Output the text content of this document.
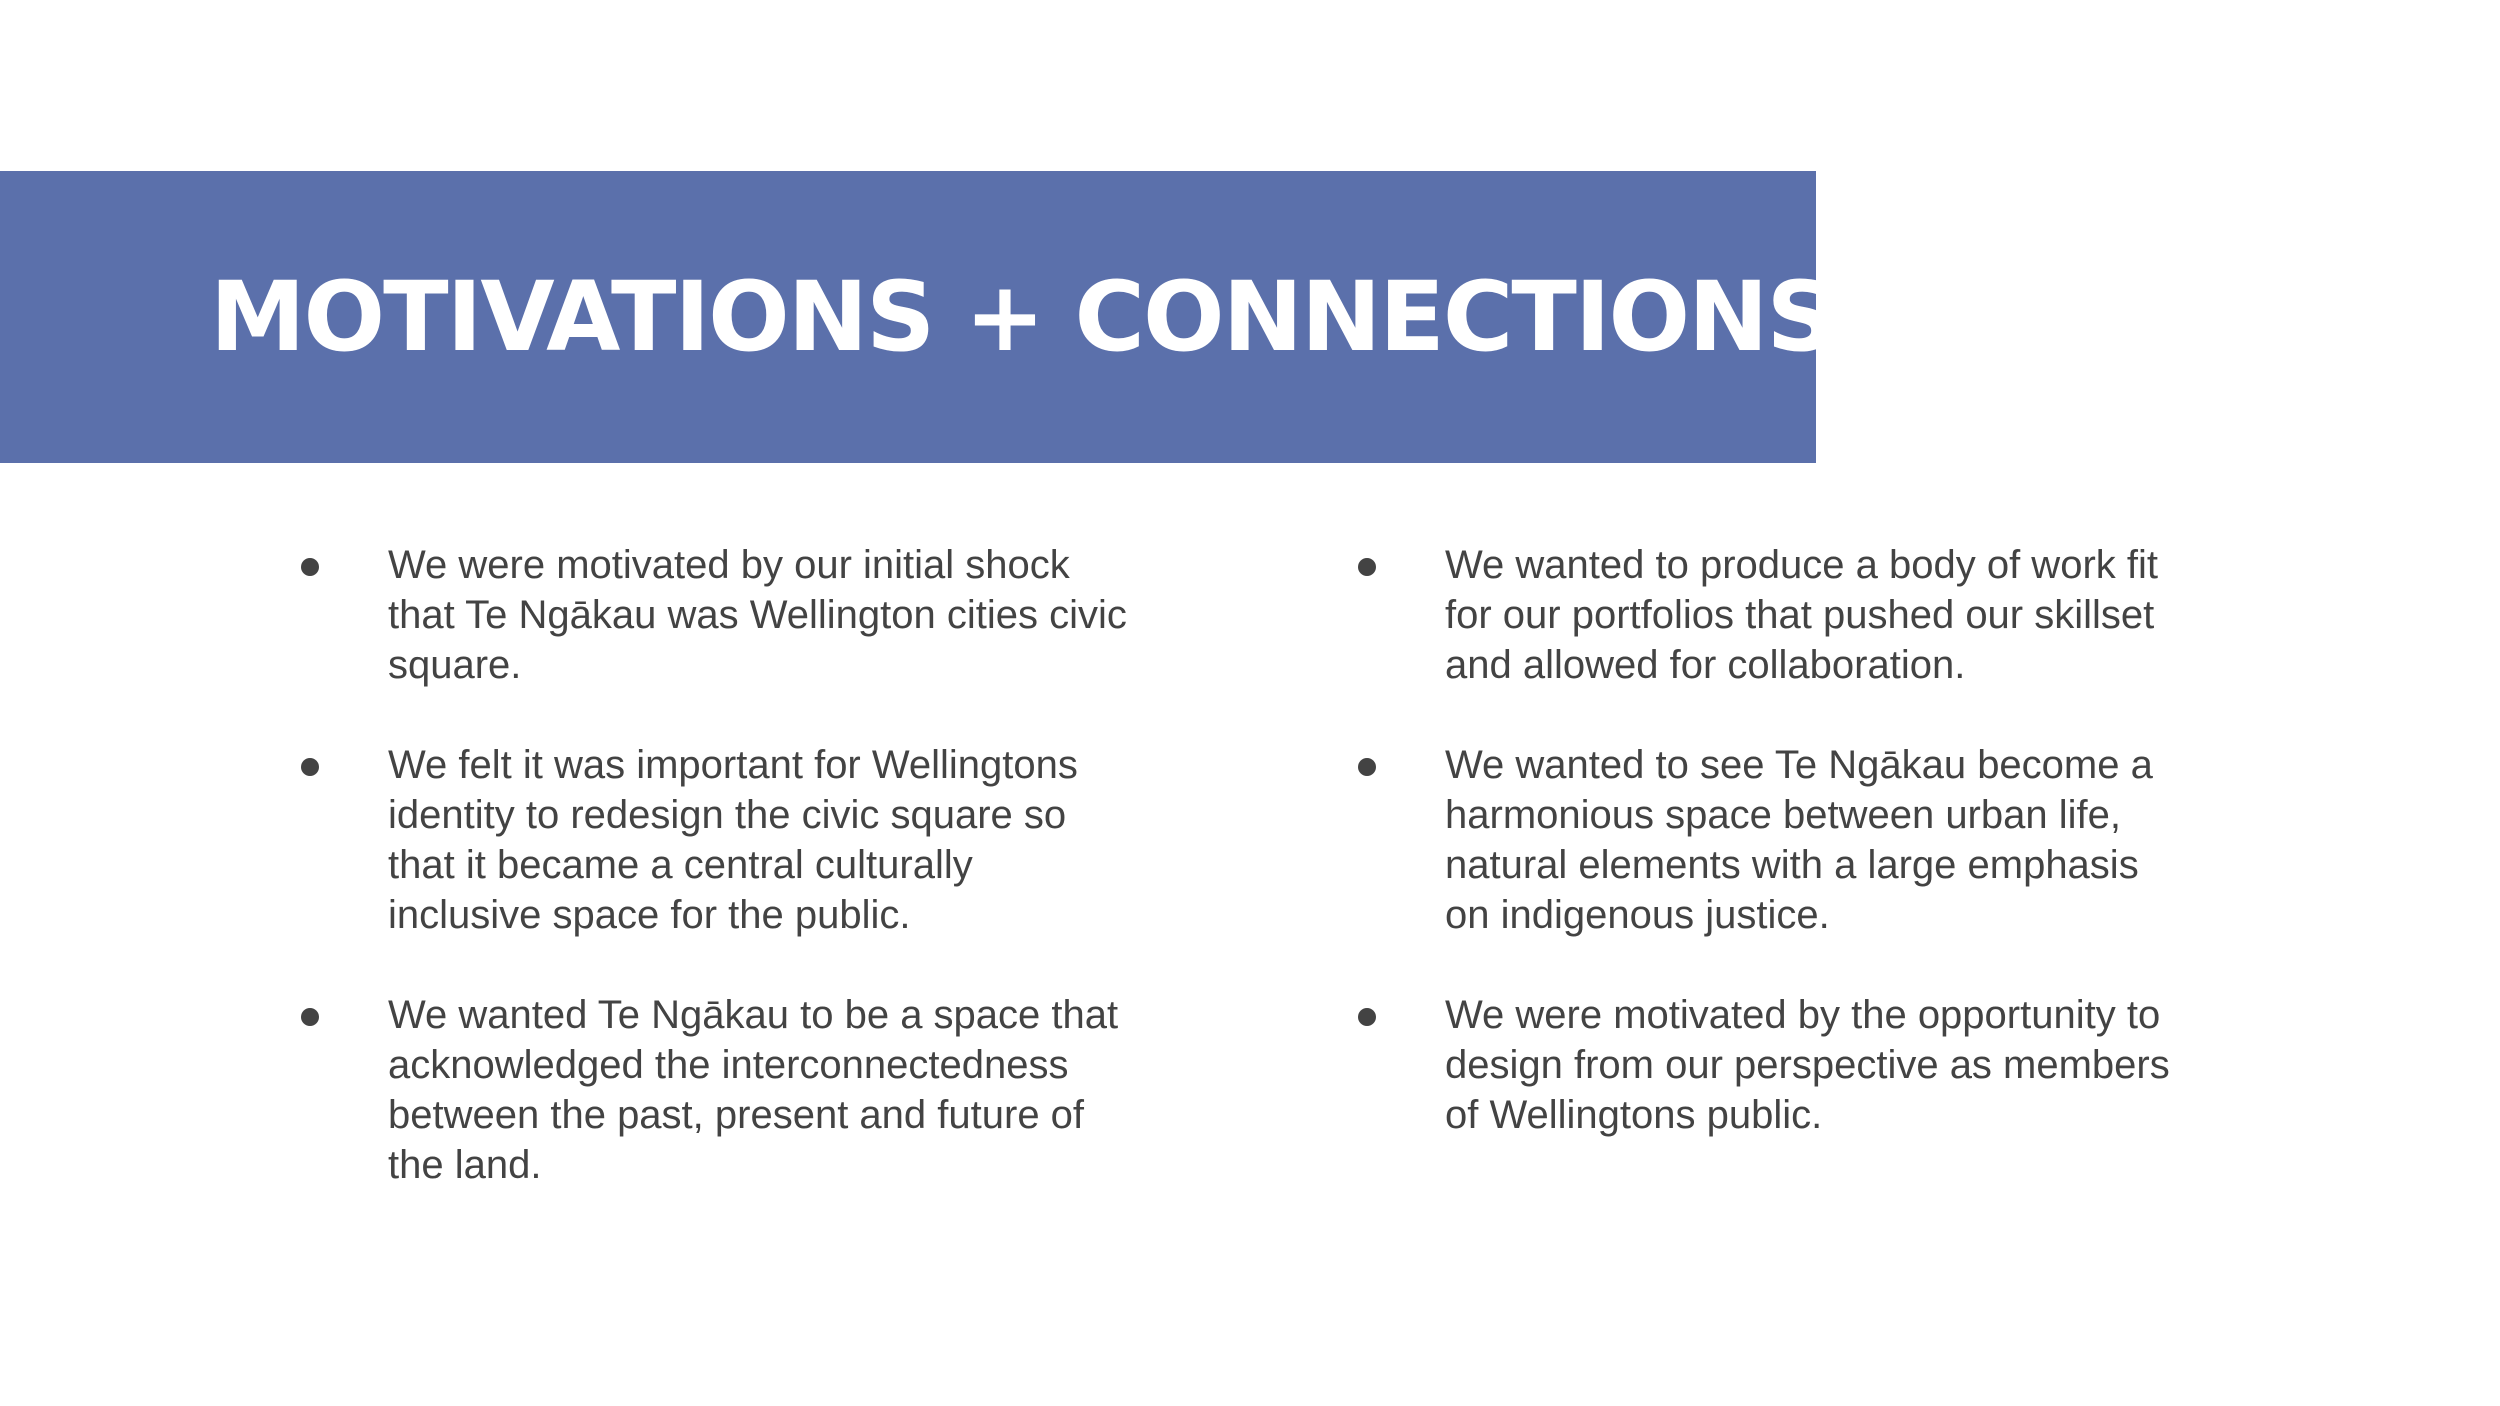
MOTIVATIONS + CONNECTIONS
We were motivated by our initial shock that Te Ngākau was Wellington cities civic square.
We felt it was important for Wellingtons identity to redesign the civic square so that it became a central culturally inclusive space for the public.
We wanted Te Ngākau to be a space that acknowledged the interconnectedness between the past, present and future of the land.
We wanted to produce a body of work fit for our portfolios that pushed our skillset and allowed for collaboration.
We wanted to see Te Ngākau become a harmonious space between urban life, natural elements with a large emphasis on indigenous justice.
We were motivated by the opportunity to design from our perspective as members of Wellingtons public.
